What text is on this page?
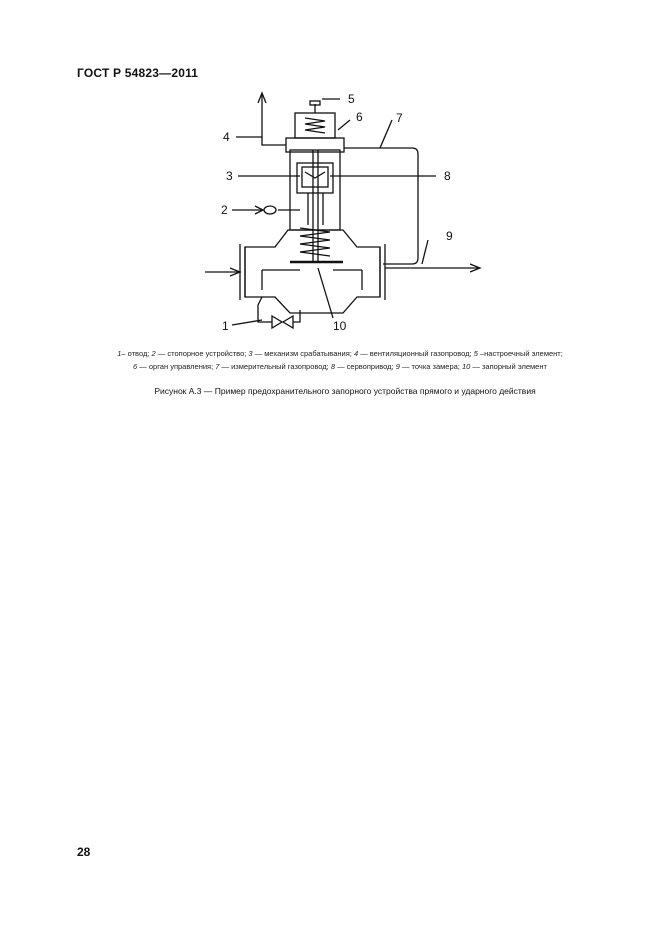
ГОСТ Р 54823—2011
1
2
3
4
5
6	7
8
9
10
1– отвод; 2 — стопорное устройство; 3 — механизм срабатывания; 4 — вентиляционный газопровод; 5 –настроечный элемент;
6 — орган управления; 7 — измерительный газопровод; 8 — сервопривод; 9 — точка замера; 10 — запорный элемент
Рисунок А.3 — Пример предохранительного запорного устройства прямого и ударного действия
28
